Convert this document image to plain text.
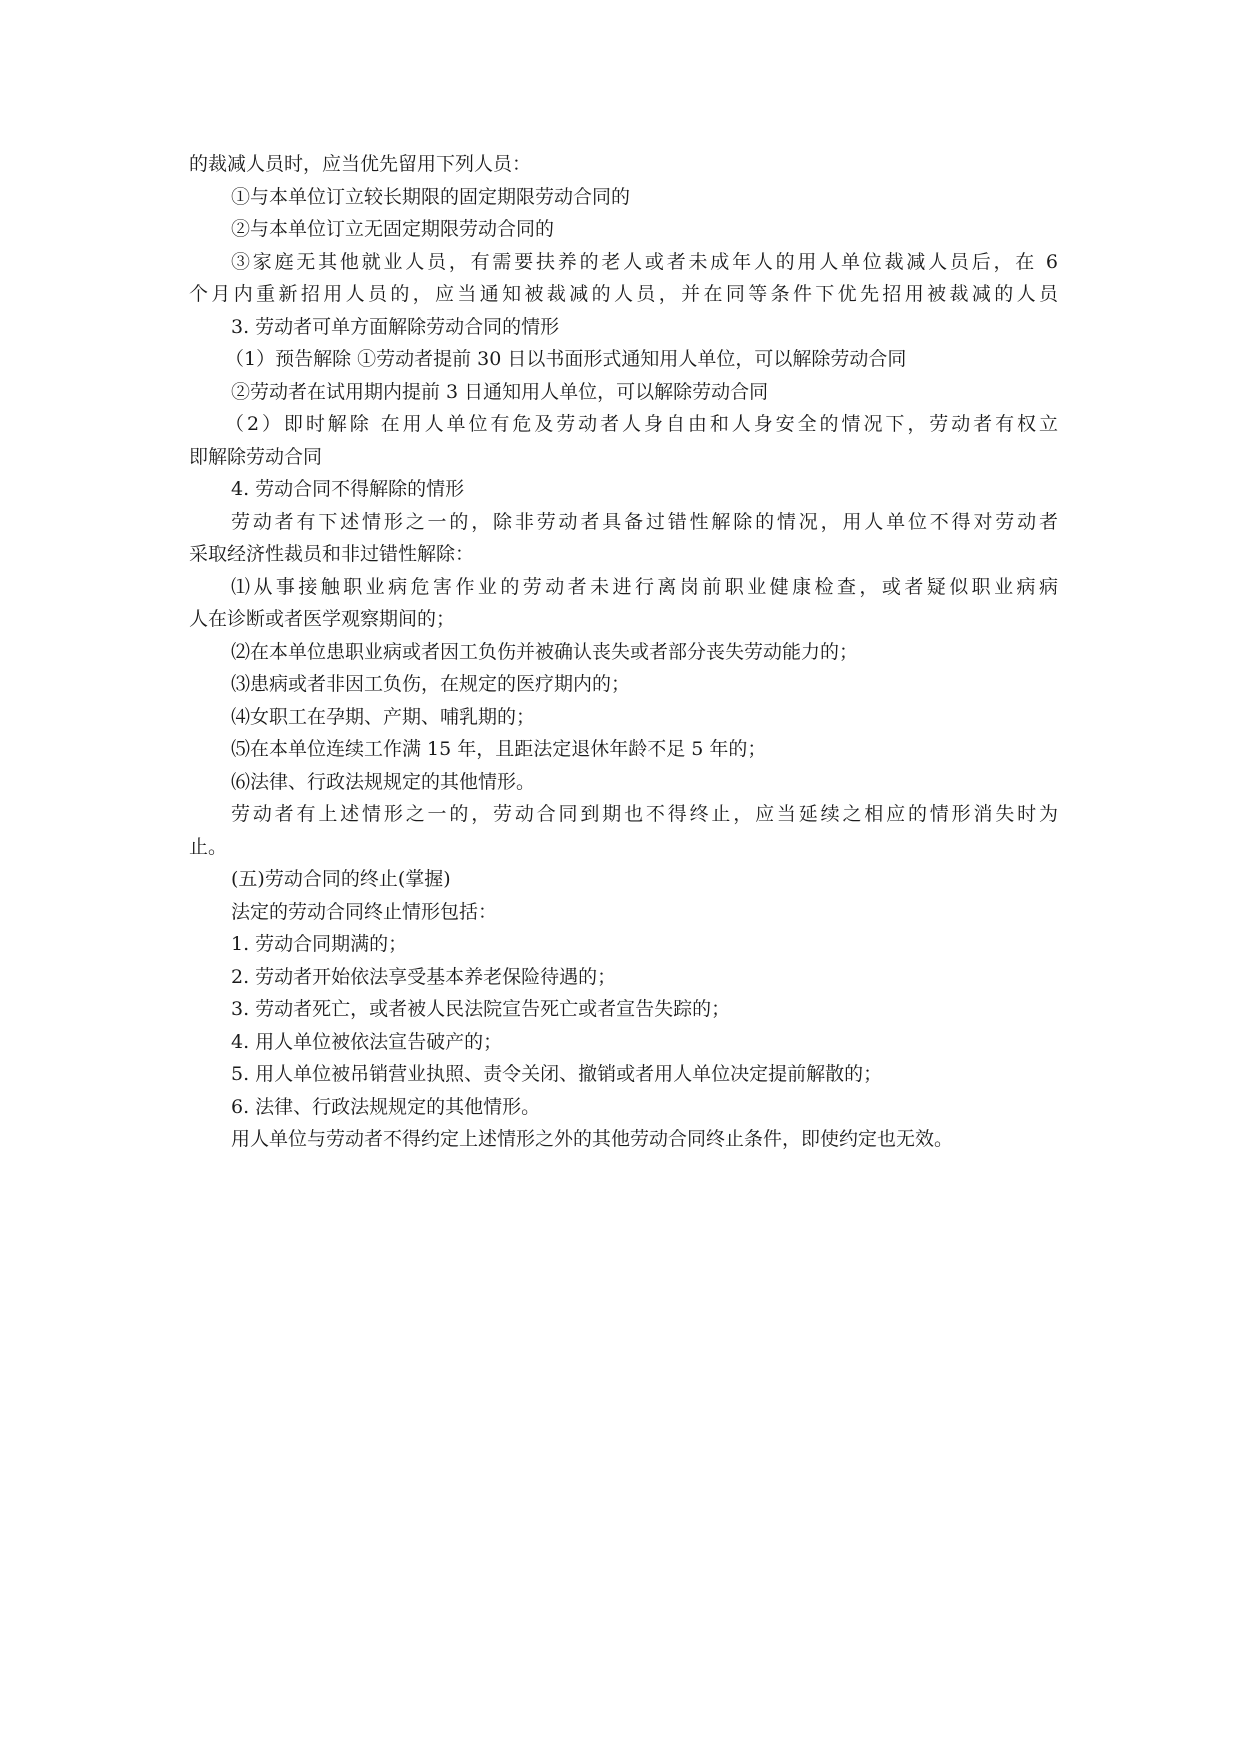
的裁减人员时，应当优先留用下列人员：
①与本单位订立较长期限的固定期限劳动合同的
②与本单位订立无固定期限劳动合同的
③家庭无其他就业人员，有需要扶养的老人或者未成年人的用人单位裁减人员后，在 6
个月内重新招用人员的，应当通知被裁减的人员，并在同等条件下优先招用被裁减的人员
3. 劳动者可单方面解除劳动合同的情形
（1）预告解除 ①劳动者提前 30 日以书面形式通知用人单位，可以解除劳动合同
②劳动者在试用期内提前 3 日通知用人单位，可以解除劳动合同
（2）即时解除 在用人单位有危及劳动者人身自由和人身安全的情况下，劳动者有权立
即解除劳动合同
4. 劳动合同不得解除的情形
劳动者有下述情形之一的，除非劳动者具备过错性解除的情况，用人单位不得对劳动者
采取经济性裁员和非过错性解除：
⑴从事接触职业病危害作业的劳动者未进行离岗前职业健康检查，或者疑似职业病病
人在诊断或者医学观察期间的；
⑵在本单位患职业病或者因工负伤并被确认丧失或者部分丧失劳动能力的；
⑶患病或者非因工负伤，在规定的医疗期内的；
⑷女职工在孕期、产期、哺乳期的；
⑸在本单位连续工作满 15 年，且距法定退休年龄不足 5 年的；
⑹法律、行政法规规定的其他情形。
劳动者有上述情形之一的，劳动合同到期也不得终止，应当延续之相应的情形消失时为
止。
(五)劳动合同的终止(掌握)
法定的劳动合同终止情形包括：
1. 劳动合同期满的；
2. 劳动者开始依法享受基本养老保险待遇的；
3. 劳动者死亡，或者被人民法院宣告死亡或者宣告失踪的；
4. 用人单位被依法宣告破产的；
5. 用人单位被吊销营业执照、责令关闭、撤销或者用人单位决定提前解散的；
6. 法律、行政法规规定的其他情形。
用人单位与劳动者不得约定上述情形之外的其他劳动合同终止条件，即使约定也无效。
